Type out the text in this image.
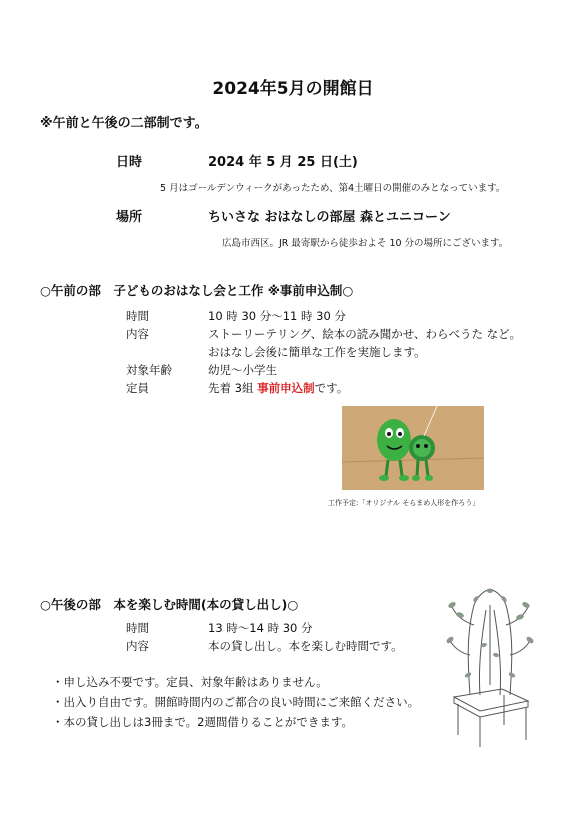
2024年5月の開館日
※午前と午後の二部制です。
日時	2024 年 5 月 25 日(土)
5 月はゴールデンウィークがあったため、第4土曜日の開催のみとなっています。
場所	ちいさな おはなしの部屋 森とユニコーン
広島市西区。JR 最寄駅から徒歩およそ 10 分の場所にございます。
○午前の部　子どものおはなし会と工作 ※事前申込制○
時間	10 時 30 分～11 時 30 分
内容	ストーリーテリング、絵本の読み聞かせ、わらべうた など。
おはなし会後に簡単な工作を実施します。
対象年齢	幼児～小学生
定員	先着 3組 事前申込制です。
工作予定:「オリジナル そらまめ人形を作ろう」
○午後の部　本を楽しむ時間(本の貸し出し)○
時間	13 時～14 時 30 分
内容	本の貸し出し。本を楽しむ時間です。
・申し込み不要です。定員、対象年齢はありません。
・出入り自由です。開館時間内のご都合の良い時間にご来館ください。
・本の貸し出しは3冊まで。2週間借りることができます。
